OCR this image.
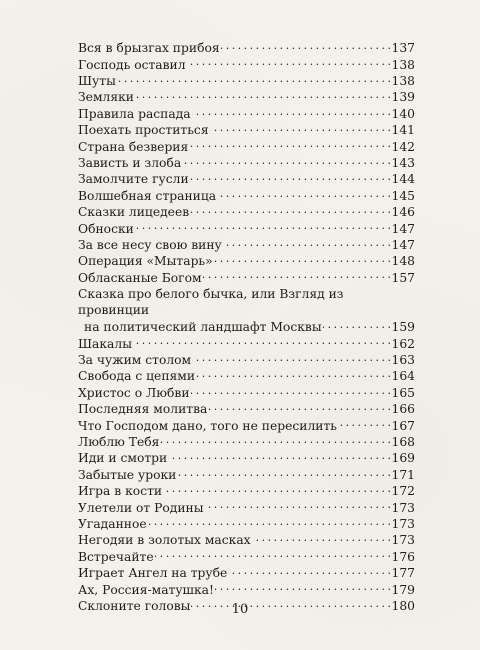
Вся в брызгах прибоя . . .	137
Господь оставил . . .	138
Шуты . . .	138
Земляки . . .	139
Правила распада . . .	140
Поехать проститься . . .	141
Страна безверия . . .	142
Зависть и злоба . . .	143
Замолчите гусли . . .	144
Волшебная страница . . .	145
Сказки лицедеев . . .	146
Обноски . . .	147
За все несу свою вину . . .	147
Операция «Мытарь» . . .	148
Обласканые Богом . . .	157
Сказка про белого бычка, или Взгляд из провинции
на политический ландшафт Москвы . . .	159
Шакалы . . .	162
За чужим столом . . .	163
Свобода с цепями . . .	164
Христос о Любви . . .	165
Последняя молитва . . .	166
Что Господом дано, того не пересилить . . .	167
Люблю Тебя . . .	168
Иди и смотри . . .	169
Забытые уроки . . .	171
Игра в кости . . .	172
Улетели от Родины . . .	173
Угаданное . . .	173
Негодяи в золотых масках . . .	173
Встречайте . . .	176
Играет Ангел на трубе . . .	177
Ах, Россия-матушка! . . .	179
Склоните головы . . .	180
10
